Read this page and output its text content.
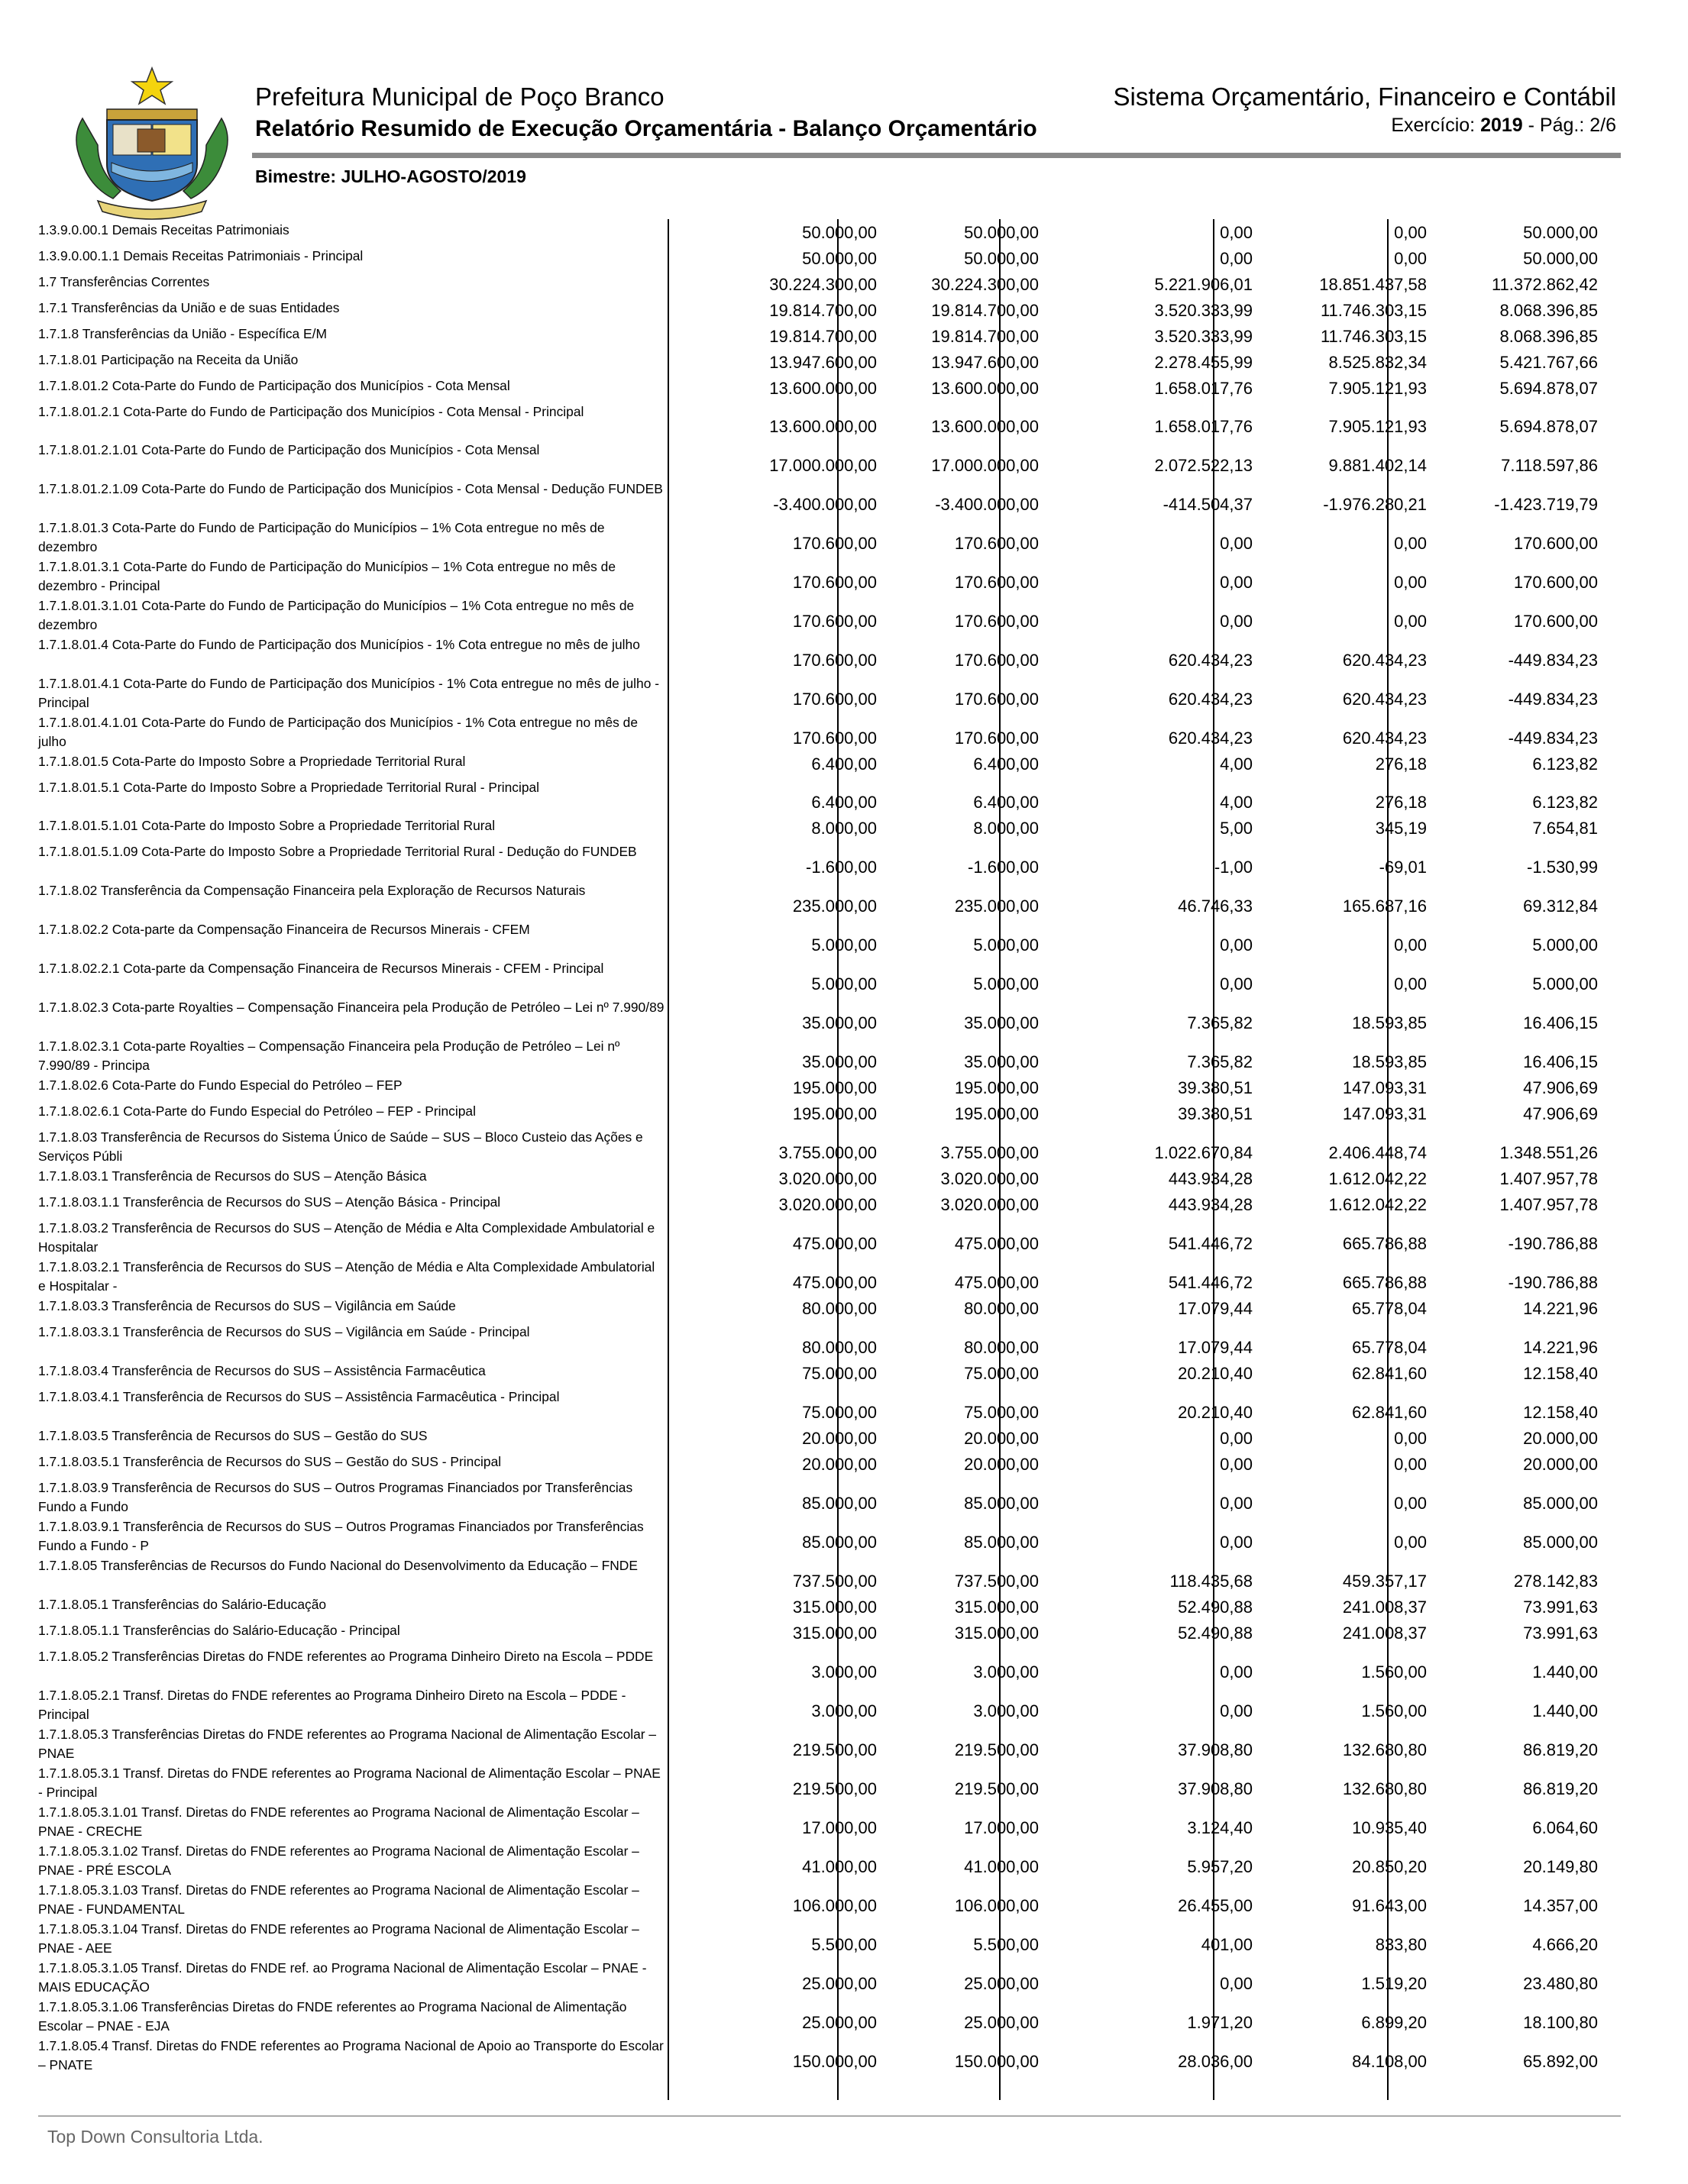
Prefeitura Municipal de Poço Branco
Relatório Resumido de Execução Orçamentária - Balanço Orçamentário
Sistema Orçamentário, Financeiro e Contábil
Exercício: 2019 - Pág.: 2/6
Bimestre: JULHO-AGOSTO/2019
1.3.9.0.00.1 Demais Receitas Patrimoniais	50.000,00	50.000,00	0,00	0,00	50.000,00
1.3.9.0.00.1.1 Demais Receitas Patrimoniais - Principal	50.000,00	50.000,00	0,00	0,00	50.000,00
1.7 Transferências Correntes	30.224.300,00	30.224.300,00	5.221.906,01	18.851.437,58	11.372.862,42
1.7.1 Transferências da União e de suas Entidades	19.814.700,00	19.814.700,00	3.520.333,99	11.746.303,15	8.068.396,85
1.7.1.8 Transferências da União - Específica E/M	19.814.700,00	19.814.700,00	3.520.333,99	11.746.303,15	8.068.396,85
1.7.1.8.01 Participação na Receita da União	13.947.600,00	13.947.600,00	2.278.455,99	8.525.832,34	5.421.767,66
1.7.1.8.01.2 Cota-Parte do Fundo de Participação dos Municípios - Cota Mensal	13.600.000,00	13.600.000,00	1.658.017,76	7.905.121,93	5.694.878,07
1.7.1.8.01.2.1 Cota-Parte do Fundo de Participação dos Municípios - Cota Mensal - Principal
13.600.000,00	13.600.000,00	1.658.017,76	7.905.121,93	5.694.878,07
1.7.1.8.01.2.1.01 Cota-Parte do Fundo de Participação dos Municípios - Cota Mensal
17.000.000,00	17.000.000,00	2.072.522,13	9.881.402,14	7.118.597,86
1.7.1.8.01.2.1.09 Cota-Parte do Fundo de Participação dos Municípios - Cota Mensal - Dedução FUNDEB
-3.400.000,00	-3.400.000,00	-414.504,37	-1.976.280,21	-1.423.719,79
1.7.1.8.01.3 Cota-Parte do Fundo de Participação do Municípios – 1% Cota entregue no mês de dezembro	170.600,00	170.600,00	0,00	0,00	170.600,00
1.7.1.8.01.3.1 Cota-Parte do Fundo de Participação do Municípios – 1% Cota entregue no mês de dezembro - Principal	170.600,00	170.600,00	0,00	0,00	170.600,00
1.7.1.8.01.3.1.01 Cota-Parte do Fundo de Participação do Municípios – 1% Cota entregue no mês de dezembro	170.600,00	170.600,00	0,00	0,00	170.600,00
1.7.1.8.01.4 Cota-Parte do Fundo de Participação dos Municípios - 1% Cota entregue no mês de julho
170.600,00	170.600,00	620.434,23	620.434,23	-449.834,23
1.7.1.8.01.4.1 Cota-Parte do Fundo de Participação dos Municípios - 1% Cota entregue no mês de julho - Principal	170.600,00	170.600,00	620.434,23	620.434,23	-449.834,23
1.7.1.8.01.4.1.01 Cota-Parte do Fundo de Participação dos Municípios - 1% Cota entregue no mês de julho	170.600,00	170.600,00	620.434,23	620.434,23	-449.834,23
1.7.1.8.01.5 Cota-Parte do Imposto Sobre a Propriedade Territorial Rural	6.400,00	6.400,00	4,00	276,18	6.123,82
1.7.1.8.01.5.1 Cota-Parte do Imposto Sobre a Propriedade Territorial Rural - Principal
6.400,00	6.400,00	4,00	276,18	6.123,82
1.7.1.8.01.5.1.01 Cota-Parte do Imposto Sobre a Propriedade Territorial Rural	8.000,00	8.000,00	5,00	345,19	7.654,81
1.7.1.8.01.5.1.09 Cota-Parte do Imposto Sobre a Propriedade Territorial Rural - Dedução do FUNDEB
-1.600,00	-1.600,00	-1,00	-69,01	-1.530,99
1.7.1.8.02 Transferência da Compensação Financeira pela Exploração de Recursos Naturais
235.000,00	235.000,00	46.746,33	165.687,16	69.312,84
1.7.1.8.02.2 Cota-parte da Compensação Financeira de Recursos Minerais - CFEM
5.000,00	5.000,00	0,00	0,00	5.000,00
1.7.1.8.02.2.1 Cota-parte da Compensação Financeira de Recursos Minerais - CFEM - Principal
5.000,00	5.000,00	0,00	0,00	5.000,00
1.7.1.8.02.3 Cota-parte Royalties – Compensação Financeira pela Produção de Petróleo – Lei nº 7.990/89
35.000,00	35.000,00	7.365,82	18.593,85	16.406,15
1.7.1.8.02.3.1 Cota-parte Royalties – Compensação Financeira pela Produção de Petróleo – Lei nº 7.990/89 - Principa	35.000,00	35.000,00	7.365,82	18.593,85	16.406,15
1.7.1.8.02.6 Cota-Parte do Fundo Especial do Petróleo – FEP	195.000,00	195.000,00	39.380,51	147.093,31	47.906,69
1.7.1.8.02.6.1 Cota-Parte do Fundo Especial do Petróleo – FEP - Principal	195.000,00	195.000,00	39.380,51	147.093,31	47.906,69
1.7.1.8.03 Transferência de Recursos do Sistema Único de Saúde – SUS – Bloco Custeio das Ações e Serviços Públi	3.755.000,00	3.755.000,00	1.022.670,84	2.406.448,74	1.348.551,26
1.7.1.8.03.1 Transferência de Recursos do SUS – Atenção Básica	3.020.000,00	3.020.000,00	443.934,28	1.612.042,22	1.407.957,78
1.7.1.8.03.1.1 Transferência de Recursos do SUS – Atenção Básica - Principal	3.020.000,00	3.020.000,00	443.934,28	1.612.042,22	1.407.957,78
1.7.1.8.03.2 Transferência de Recursos do SUS – Atenção de Média e Alta Complexidade Ambulatorial e Hospitalar	475.000,00	475.000,00	541.446,72	665.786,88	-190.786,88
1.7.1.8.03.2.1 Transferência de Recursos do SUS – Atenção de Média e Alta Complexidade Ambulatorial e Hospitalar -	475.000,00	475.000,00	541.446,72	665.786,88	-190.786,88
1.7.1.8.03.3 Transferência de Recursos do SUS – Vigilância em Saúde	80.000,00	80.000,00	17.079,44	65.778,04	14.221,96
1.7.1.8.03.3.1 Transferência de Recursos do SUS – Vigilância em Saúde - Principal
80.000,00	80.000,00	17.079,44	65.778,04	14.221,96
1.7.1.8.03.4 Transferência de Recursos do SUS – Assistência Farmacêutica	75.000,00	75.000,00	20.210,40	62.841,60	12.158,40
1.7.1.8.03.4.1 Transferência de Recursos do SUS – Assistência Farmacêutica - Principal
75.000,00	75.000,00	20.210,40	62.841,60	12.158,40
1.7.1.8.03.5 Transferência de Recursos do SUS – Gestão do SUS	20.000,00	20.000,00	0,00	0,00	20.000,00
1.7.1.8.03.5.1 Transferência de Recursos do SUS – Gestão do SUS - Principal	20.000,00	20.000,00	0,00	0,00	20.000,00
1.7.1.8.03.9 Transferência de Recursos do SUS – Outros Programas Financiados por Transferências Fundo a Fundo	85.000,00	85.000,00	0,00	0,00	85.000,00
1.7.1.8.03.9.1 Transferência de Recursos do SUS – Outros Programas Financiados por Transferências Fundo a Fundo - P	85.000,00	85.000,00	0,00	0,00	85.000,00
1.7.1.8.05 Transferências de Recursos do Fundo Nacional do Desenvolvimento da Educação – FNDE
737.500,00	737.500,00	118.435,68	459.357,17	278.142,83
1.7.1.8.05.1 Transferências do Salário-Educação	315.000,00	315.000,00	52.490,88	241.008,37	73.991,63
1.7.1.8.05.1.1 Transferências do Salário-Educação - Principal	315.000,00	315.000,00	52.490,88	241.008,37	73.991,63
1.7.1.8.05.2 Transferências Diretas do FNDE referentes ao Programa Dinheiro Direto na Escola – PDDE
3.000,00	3.000,00	0,00	1.560,00	1.440,00
1.7.1.8.05.2.1 Transf. Diretas do FNDE referentes ao Programa Dinheiro Direto na Escola – PDDE - Principal	3.000,00	3.000,00	0,00	1.560,00	1.440,00
1.7.1.8.05.3 Transferências Diretas do FNDE referentes ao Programa Nacional de Alimentação Escolar – PNAE	219.500,00	219.500,00	37.908,80	132.680,80	86.819,20
1.7.1.8.05.3.1 Transf. Diretas do FNDE referentes ao Programa Nacional de Alimentação Escolar – PNAE - Principal	219.500,00	219.500,00	37.908,80	132.680,80	86.819,20
1.7.1.8.05.3.1.01 Transf. Diretas do FNDE referentes ao Programa Nacional de Alimentação Escolar – PNAE - CRECHE	17.000,00	17.000,00	3.124,40	10.935,40	6.064,60
1.7.1.8.05.3.1.02 Transf. Diretas do FNDE referentes ao Programa Nacional de Alimentação Escolar – PNAE - PRÉ ESCOLA	41.000,00	41.000,00	5.957,20	20.850,20	20.149,80
1.7.1.8.05.3.1.03 Transf. Diretas do FNDE referentes ao Programa Nacional de Alimentação Escolar – PNAE - FUNDAMENTAL	106.000,00	106.000,00	26.455,00	91.643,00	14.357,00
1.7.1.8.05.3.1.04 Transf. Diretas do FNDE referentes ao Programa Nacional de Alimentação Escolar – PNAE - AEE	5.500,00	5.500,00	401,00	833,80	4.666,20
1.7.1.8.05.3.1.05 Transf. Diretas do FNDE ref. ao Programa Nacional de Alimentação Escolar – PNAE - MAIS EDUCAÇÃO	25.000,00	25.000,00	0,00	1.519,20	23.480,80
1.7.1.8.05.3.1.06 Transferências Diretas do FNDE referentes ao Programa Nacional de Alimentação Escolar – PNAE - EJA	25.000,00	25.000,00	1.971,20	6.899,20	18.100,80
1.7.1.8.05.4 Transf. Diretas do FNDE referentes ao Programa Nacional de Apoio ao Transporte do Escolar – PNATE	150.000,00	150.000,00	28.036,00	84.108,00	65.892,00
Top Down Consultoria Ltda.
